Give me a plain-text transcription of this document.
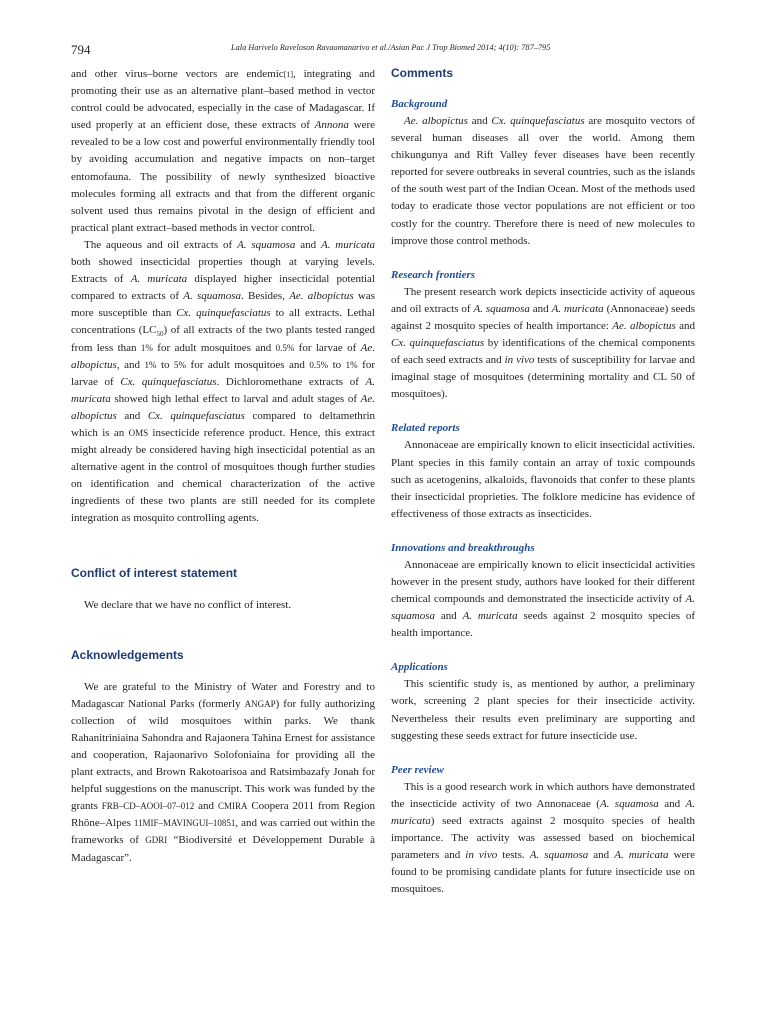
794	Lala Harivelo Raveloson Ravaomanarivo et al./Asian Pac J Trop Biomed 2014; 4(10): 787–795

and other virus–borne vectors are endemic[1], integrating and promoting their use as an alternative plant–based method in vector control could be advocated, especially in the case of Madagascar. If used properly at an efficient dose, these extracts of Annona were revealed to be a low cost and powerful environmentally friendly tool by avoiding accumulation and negative impacts on non–target entomofauna. The possibility of newly synthesized bioactive molecules forming all extracts and that from the different organic solvent used thus remains pivotal in the design of efficient and practical plant extract–based methods in vector control.

The aqueous and oil extracts of A. squamosa and A. muricata both showed insecticidal properties though at varying levels. Extracts of A. muricata displayed higher insecticidal potential compared to extracts of A. squamosa. Besides, Ae. albopictus was more susceptible than Cx. quinquefasciatus to all extracts. Lethal concentrations $(LC_{50})$ of all extracts of the two plants tested ranged from less than 1% for adult mosquitoes and 0.5% for larvae of Ae. albopictus, and 1% to 5% for adult mosquitoes and 0.5% to 1% for larvae of Cx. quinquefasciatus. Dichloromethane extracts of A. muricata showed high lethal effect to larval and adult stages of Ae. albopictus and Cx. quinquefasciatus compared to deltamethrin which is an OMS insecticide reference product. Hence, this extract might already be considered having high insecticidal potential as an alternative agent in the control of mosquitoes though further studies on identification and chemical characterization of the active ingredients of these two plants are still needed for its complete integration as mosquito controlling agents.

Conflict of interest statement

We declare that we have no conflict of interest.

Acknowledgements

We are grateful to the Ministry of Water and Forestry and to Madagascar National Parks (formerly ANGAP) for fully authorizing collection of wild mosquitoes within parks. We thank Rahanitriniaina Sahondra and Rajaonera Tahina Ernest for assistance and cooperation, Rajaonarivo Solofoniaina for providing all the plant extracts, and Brown Rakotoarisoa and Ratsimbazafy Jonah for helpful suggestions on the manuscript. This work was funded by the grants FRB–CD–AOOI–07–012 and CMIRA Coopera 2011 from Region Rhône–Alpes 11MIF–MAVINGUI–10851, and was carried out within the frameworks of GDRI “Biodiversité et Développement Durable à Madagascar”.

Comments
Background

Ae. albopictus and Cx. quinquefasciatus are mosquito vectors of several human diseases all over the world. Among them chikungunya and Rift Valley fever diseases have been recently reported for severe outbreaks in several countries, such as the islands of the south west part of the Indian Ocean. Most of the methods used today to eradicate those vector populations are not efficient or too costly for the country. Therefore there is need of new molecules to improve those control methods.

Research frontiers

The present research work depicts insecticide activity of aqueous and oil extracts of A. squamosa and A. muricata (Annonaceae) seeds against 2 mosquito species of health importance: Ae. albopictus and Cx. quinquefasciatus by identifications of the chemical components of each seed extracts and in vivo tests of susceptibility for larvae and imaginal stage of mosquitoes (determining mortality and CL 50 of mosquitoes).

Related reports

Annonaceae are empirically known to elicit insecticidal activities. Plant species in this family contain an array of toxic compounds such as acetogenins, alkaloids, flavonoids that confer to these plants their insecticidal proprieties. The folklore medicine has evidence of effectiveness of those extracts as insecticides.

Innovations and breakthroughs

Annonaceae are empirically known to elicit insecticidal activities however in the present study, authors have looked for their different chemical compounds and demonstrated the insecticide activity of A. squamosa and A. muricata seeds against 2 mosquito species of health importance.

Applications

This scientific study is, as mentioned by author, a preliminary work, screening 2 plant species for their insecticide activity. Nevertheless their results even preliminary are supporting and suggesting these seeds extract for future insecticide use.

Peer review

This is a good research work in which authors have demonstrated the insecticide activity of two Annonaceae (A. squamosa and A. muricata) seed extracts against 2 mosquito species of health importance. The activity was assessed based on biochemical parameters and in vivo tests. A. squamosa and A. muricata were found to be promising candidate plants for future insecticide use on mosquitoes.
